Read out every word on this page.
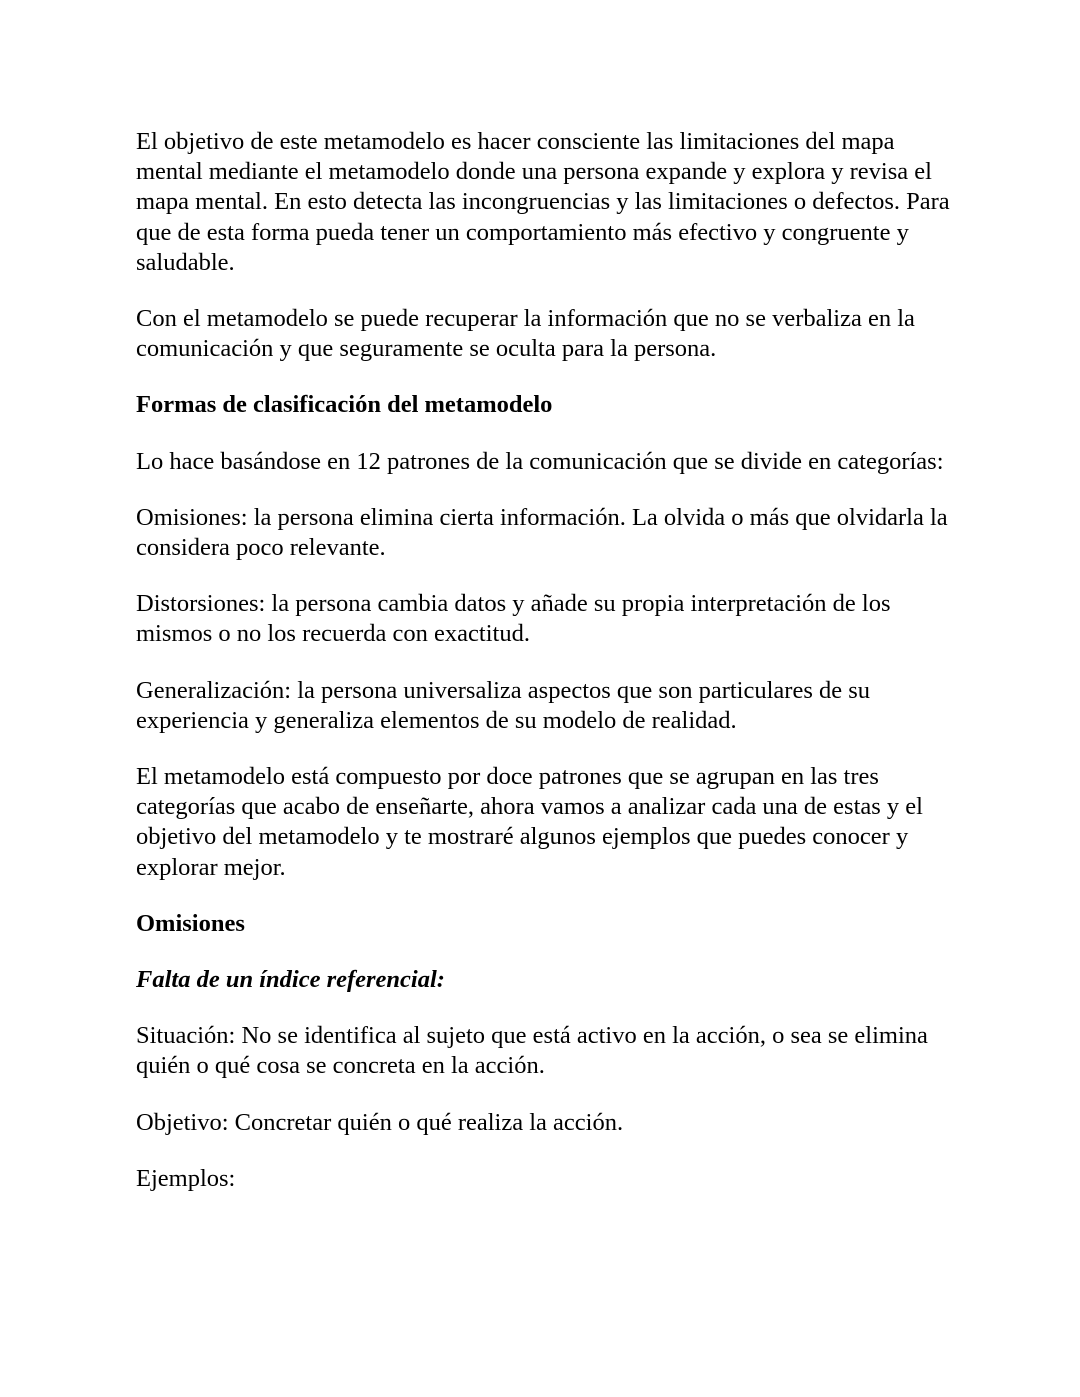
El objetivo de este metamodelo es hacer consciente las limitaciones del mapa mental mediante el metamodelo donde una persona expande y explora y revisa el mapa mental. En esto detecta las incongruencias y las limitaciones o defectos. Para que de esta forma pueda tener un comportamiento más efectivo y congruente y saludable.

Con el metamodelo se puede recuperar la información que no se verbaliza en la comunicación y que seguramente se oculta para la persona.

Formas de clasificación del metamodelo

Lo hace basándose en 12 patrones de la comunicación que se divide en categorías:

Omisiones: la persona elimina cierta información. La olvida o más que olvidarla la considera poco relevante.

Distorsiones: la persona cambia datos y añade su propia interpretación de los mismos o no los recuerda con exactitud.

Generalización: la persona universaliza aspectos que son particulares de su experiencia y generaliza elementos de su modelo de realidad.

El metamodelo está compuesto por doce patrones que se agrupan en las tres categorías que acabo de enseñarte, ahora vamos a analizar cada una de estas y el objetivo del metamodelo y te mostraré algunos ejemplos que puedes conocer y explorar mejor.

Omisiones

Falta de un índice referencial:

Situación: No se identifica al sujeto que está activo en la acción, o sea se elimina quién o qué cosa se concreta en la acción.

Objetivo: Concretar quién o qué realiza la acción.

Ejemplos:
